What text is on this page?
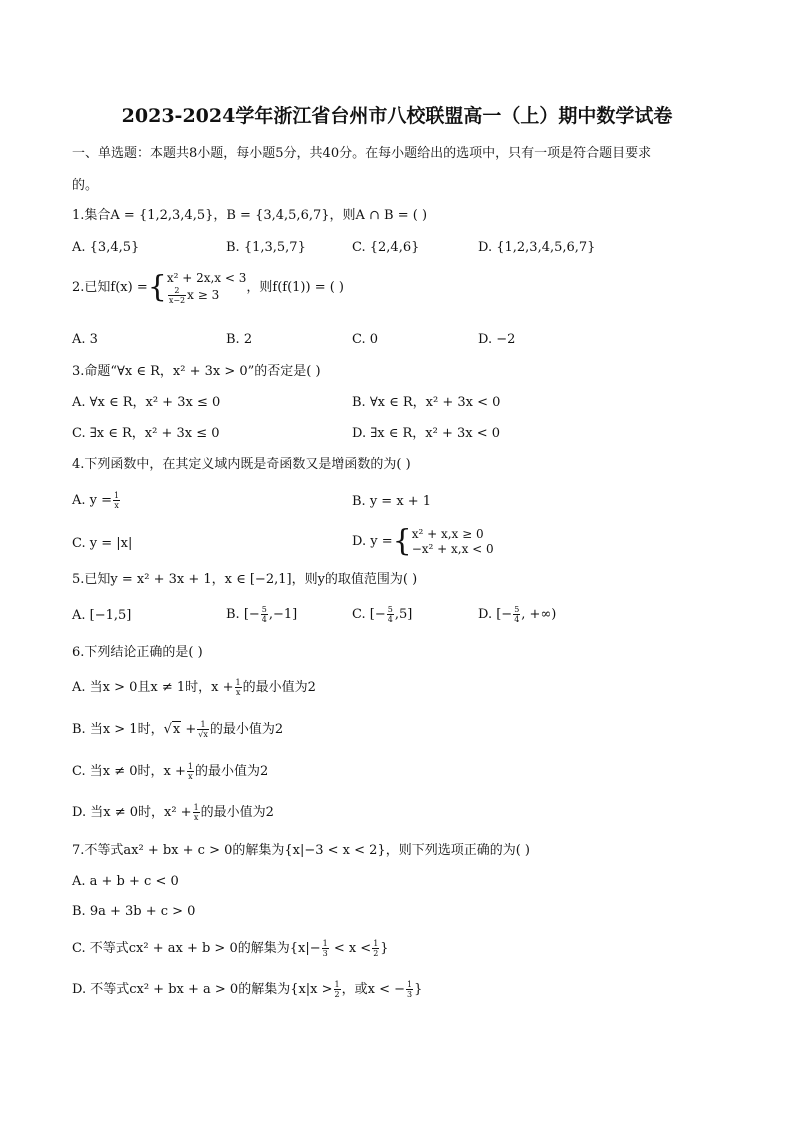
2023-2024学年浙江省台州市八校联盟高一（上）期中数学试卷
一、单选题：本题共8小题，每小题5分，共40分。在每小题给出的选项中，只有一项是符合题目要求
的。
1.集合A = {1,2,3,4,5}，B = {3,4,5,6,7}，则A ∩ B = ( )
A. {3,4,5}	B. {1,3,5,7}	C. {2,4,6}	D. {1,2,3,4,5,6,7}
2.已知f(x) ={ x² + 2x,x < 3
$\frac{2}{x-2}$ x ≥ 3	，则f(f(1)) = ( )
A. 3	B. 2	C. 0	D. −2
3.命题“∀x ∈ R，x² + 3x > 0”的否定是( )
A. ∀x ∈ R，x² + 3x ≤ 0	B. ∀x ∈ R，x² + 3x < 0
C. ∃x ∈ R，x² + 3x ≤ 0	D. ∃x ∈ R，x² + 3x < 0
4.下列函数中，在其定义域内既是奇函数又是增函数的为( )
A. $y = \frac{1}{x}$	B. y = x + 1
C. y = |x|	D. y ={ x² + x,x ≥ 0
−x² + x,x < 0
5.已知y = x² + 3x + 1，x ∈ [−2,1]，则y的取值范围为( )
A. [−1,5]	B. [− $\frac{5}{4} ,-1$]	C. [− $\frac{5}{4} ,5$]	D. [− $\frac{5}{4}$ , +∞)
6.下列结论正确的是( )
A. 当x > 0且x ≠ 1时，$x + \frac{1}{x}$ 的最小值为2
B. 当x > 1时，$√x + \frac{1}{√x}$ 的最小值为2
C. 当x ≠ 0时，$x + \frac{1}{x}$ 的最小值为2
D. 当x ≠ 0时，$x^2 + \frac{1}{x}$ 的最小值为2
7.不等式ax² + bx + c > 0的解集为{x|−3 < x < 2}，则下列选项正确的为( )
A. a + b + c < 0
B. 9a + 3b + c > 0
C. 不等式cx² + ax + b > 0的解集为{$x|- \frac{1}{3} < x < \frac{1}{2}$ }
D. 不等式cx² + bx + a > 0的解集为{$x|x > \frac{1}{2}$ ，或x < − $\frac{1}{3}$ }
